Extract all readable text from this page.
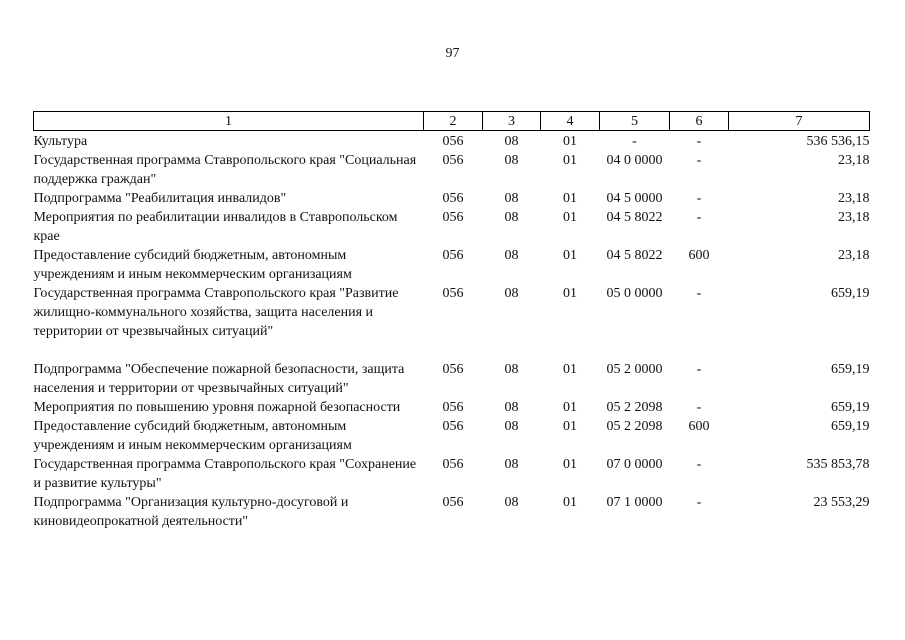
97
1	2	3	4	5	6	7
Культура	056	08	01	-	-	536 536,15
Государственная программа Ставропольского края "Социальная поддержка граждан"	056	08	01	04 0 0000	-	23,18
Подпрограмма "Реабилитация инвалидов"	056	08	01	04 5 0000	-	23,18
Мероприятия по реабилитации инвалидов в Ставропольском крае	056	08	01	04 5 8022	-	23,18
Предоставление субсидий бюджетным, автономным учреждениям и иным некоммерческим организациям	056	08	01	04 5 8022	600	23,18
Государственная программа Ставропольского края "Развитие жилищно-коммунального хозяйства, защита населения и территории от чрезвычайных ситуаций"	056	08	01	05 0 0000	-	659,19

Подпрограмма "Обеспечение пожарной безопасности, защита населения и территории от чрезвычайных ситуаций"	056	08	01	05 2 0000	-	659,19
Мероприятия по повышению уровня пожарной безопасности	056	08	01	05 2 2098	-	659,19
Предоставление субсидий бюджетным, автономным учреждениям и иным некоммерческим организациям	056	08	01	05 2 2098	600	659,19
Государственная программа Ставропольского края "Сохранение и развитие культуры"	056	08	01	07 0 0000	-	535 853,78
Подпрограмма "Организация культурно-досуговой и киновидеопрокатной деятельности"	056	08	01	07 1 0000	-	23 553,29
